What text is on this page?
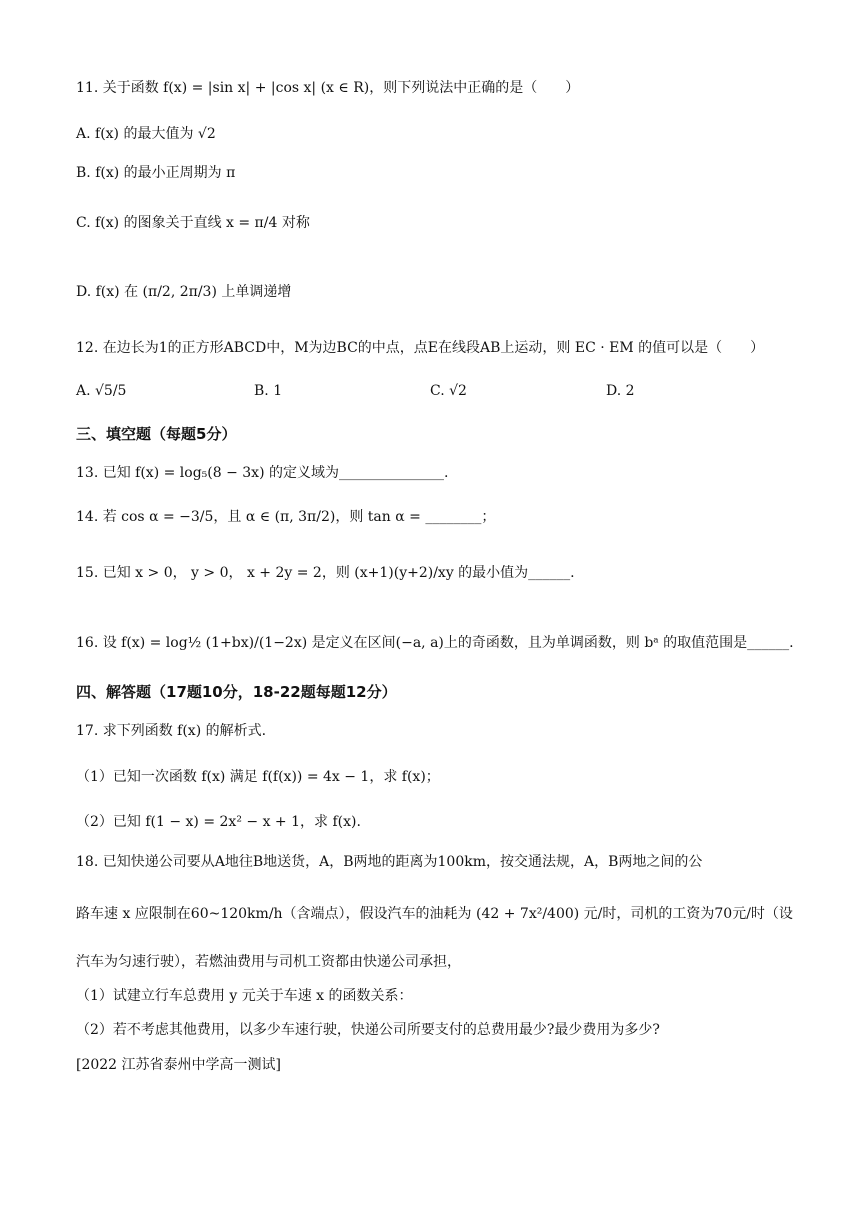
11. 关于函数 f(x) = |sin x| + |cos x| (x ∈ R)，则下列说法中正确的是（　　）
A. f(x) 的最大值为 √2
B. f(x) 的最小正周期为 π
C. f(x) 的图象关于直线 x = π/4 对称
D. f(x) 在 (π/2, 2π/3) 上单调递增
12. 在边长为1的正方形ABCD中，M为边BC的中点，点E在线段AB上运动，则 EC · EM 的值可以是（　　）
A. √5/5	B. 1	C. √2	D. 2
三、填空题（每题5分）
13. 已知 f(x) = log₅(8 − 3x) 的定义域为_______________.
14. 若 cos α = −3/5，且 α ∈ (π, 3π/2)，则 tan α = ________；
15. 已知 x > 0， y > 0， x + 2y = 2，则 (x+1)(y+2)/xy 的最小值为______.
16. 设 f(x) = log½ (1+bx)/(1−2x) 是定义在区间(−a, a)上的奇函数，且为单调函数，则 bᵃ 的取值范围是______.
四、解答题（17题10分，18-22题每题12分）
17. 求下列函数 f(x) 的解析式.
（1）已知一次函数 f(x) 满足 f(f(x)) = 4x − 1，求 f(x)；
（2）已知 f(1 − x) = 2x² − x + 1，求 f(x).
18. 已知快递公司要从A地往B地送货，A，B两地的距离为100km，按交通法规，A，B两地之间的公
路车速 x 应限制在60~120km/h（含端点），假设汽车的油耗为 (42 + 7x²/400) 元/时，司机的工资为70元/时（设
汽车为匀速行驶），若燃油费用与司机工资都由快递公司承担，
（1）试建立行车总费用 y 元关于车速 x 的函数关系：
（2）若不考虑其他费用，以多少车速行驶，快递公司所要支付的总费用最少?最少费用为多少?
[2022 江苏省泰州中学高一测试]
